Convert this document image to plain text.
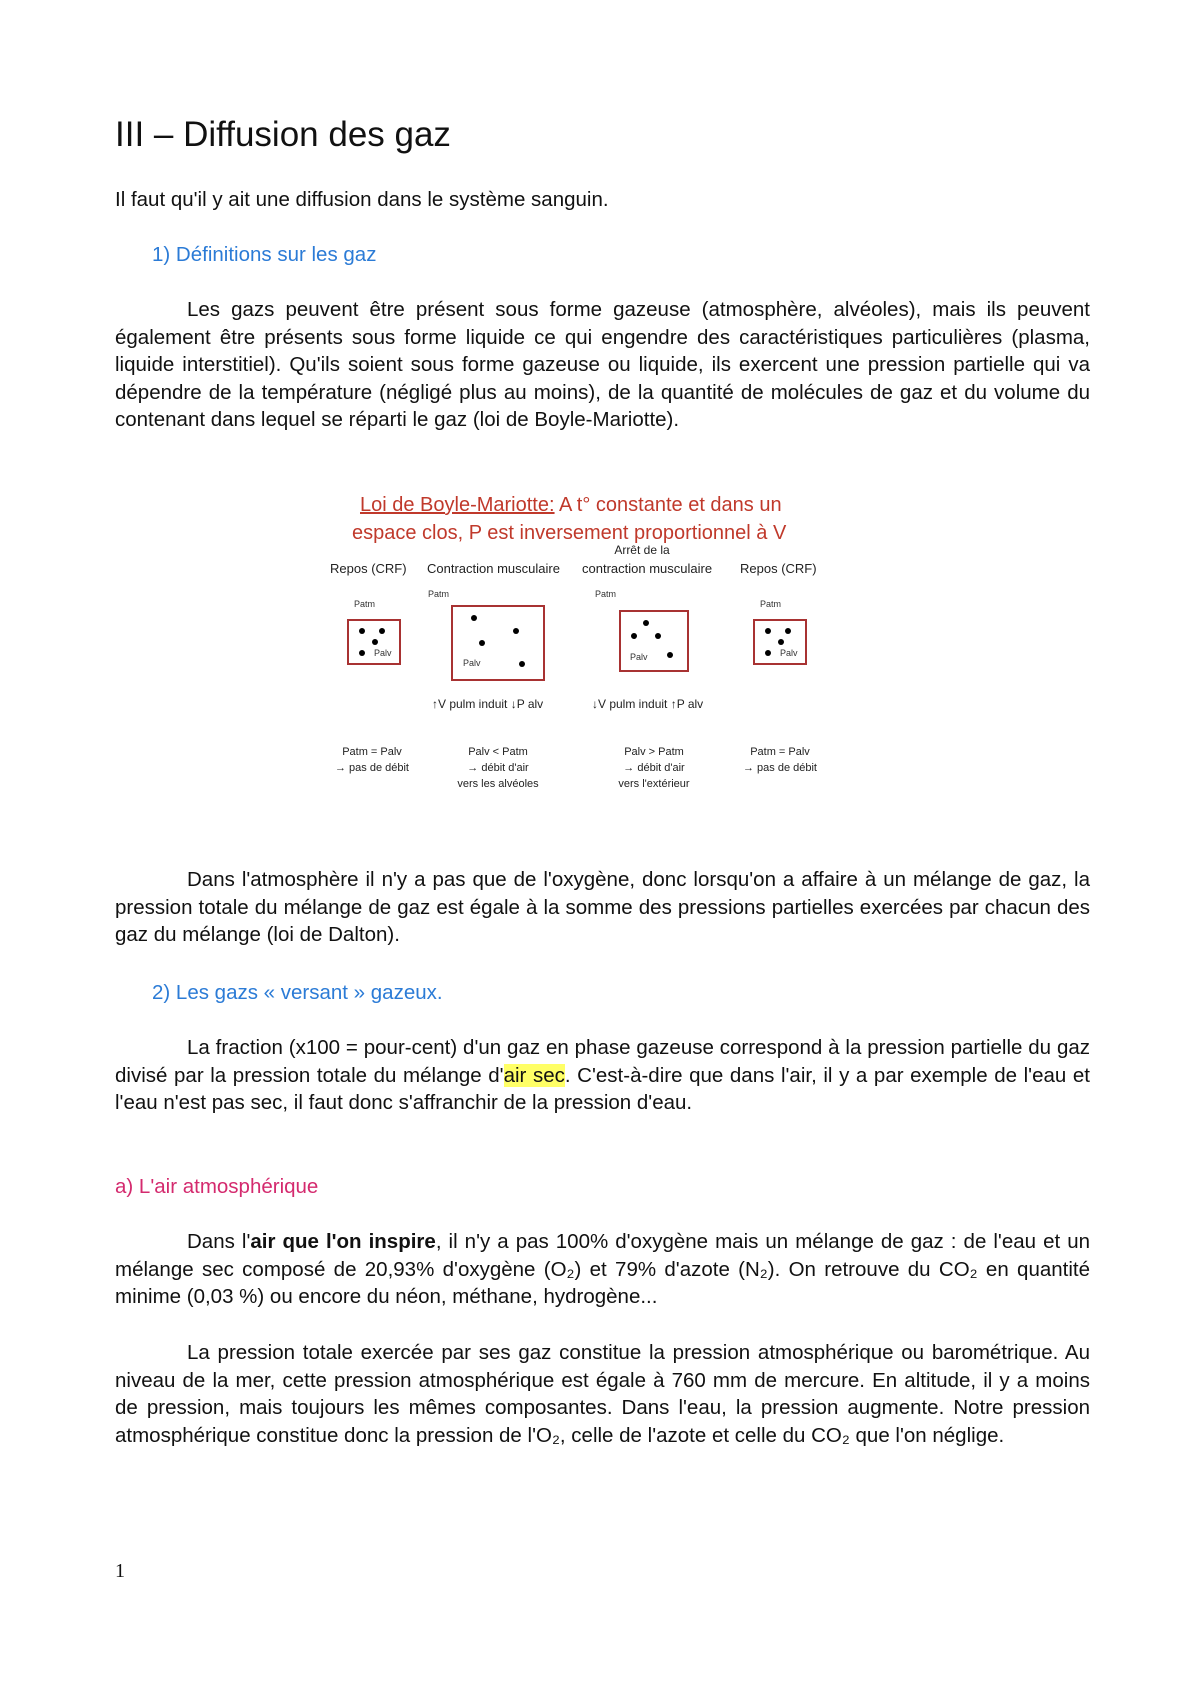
III – Diffusion des gaz

Il faut qu'il y ait une diffusion dans le système sanguin.

1) Définitions sur les gaz

Les gazs peuvent être présent sous forme gazeuse (atmosphère, alvéoles), mais ils peuvent également être présents sous forme liquide ce qui engendre des caractéristiques particulières (plasma, liquide interstitiel). Qu'ils soient sous forme gazeuse ou liquide, ils exercent une pression partielle qui va dépendre de la température (négligé plus au moins), de la quantité de molécules de gaz et du volume du contenant dans lequel se réparti le gaz (loi de Boyle-Mariotte).

Loi de Boyle-Mariotte: A t° constante et dans un
espace clos, P est inversement proportionnel à V
Arrêt de la
Repos (CRF) Contraction musculaire contraction musculaire Repos (CRF)
Patm
Palv
Patm
Palv
Patm
Palv
Patm
Palv
↑V pulm induit ↓P alv	↓V pulm induit ↑P alv
Patm = Palv
→ pas de débit
Palv < Patm
→ débit d'air
vers les alvéoles
Palv > Patm
→ débit d'air
vers l'extérieur
Patm = Palv
→ pas de débit

Dans l'atmosphère il n'y a pas que de l'oxygène, donc lorsqu'on a affaire à un mélange de gaz, la pression totale du mélange de gaz est égale à la somme des pressions partielles exercées par chacun des gaz du mélange (loi de Dalton).

2) Les gazs « versant » gazeux.

La fraction (x100 = pour-cent) d'un gaz en phase gazeuse correspond à la pression partielle du gaz divisé par la pression totale du mélange d'air sec. C'est-à-dire que dans l'air, il y a par exemple de l'eau et l'eau n'est pas sec, il faut donc s'affranchir de la pression d'eau.

a) L'air atmosphérique

Dans l'air que l'on inspire, il n'y a pas 100% d'oxygène mais un mélange de gaz : de l'eau et un mélange sec composé de 20,93% d'oxygène (O₂) et 79% d'azote (N₂). On retrouve du CO₂ en quantité minime (0,03 %) ou encore du néon, méthane, hydrogène...

La pression totale exercée par ses gaz constitue la pression atmosphérique ou barométrique. Au niveau de la mer, cette pression atmosphérique est égale à 760 mm de mercure. En altitude, il y a moins de pression, mais toujours les mêmes composantes. Dans l'eau, la pression augmente. Notre pression atmosphérique constitue donc la pression de l'O₂, celle de l'azote et celle du CO₂ que l'on néglige.

1
